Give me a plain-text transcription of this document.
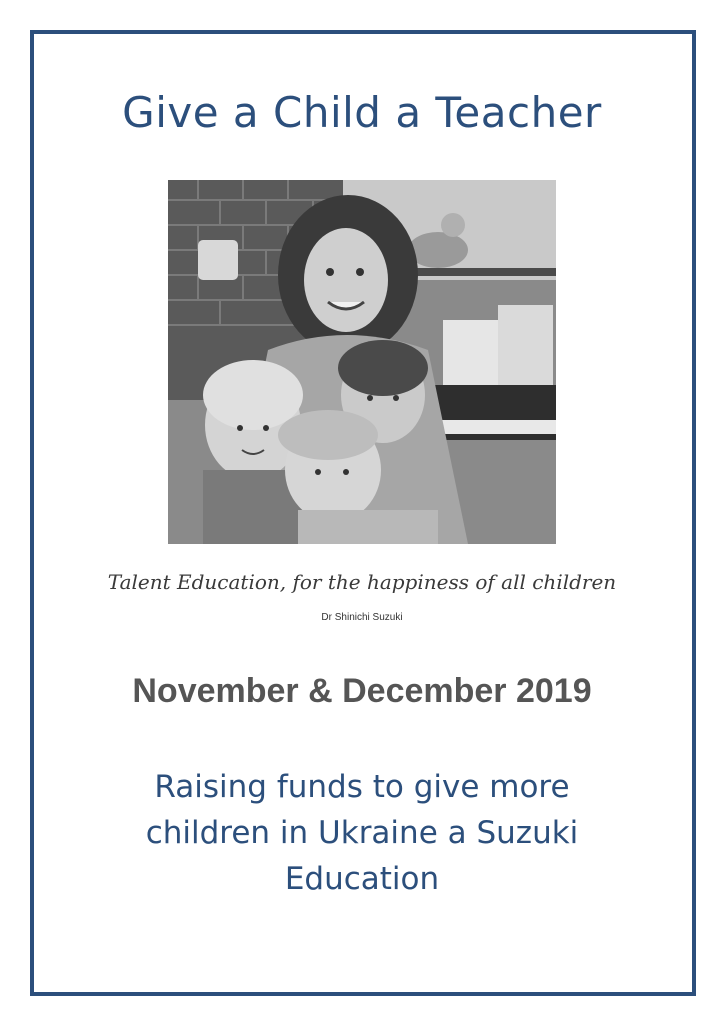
Give a Child a Teacher
Talent Education, for the happiness of all children
Dr Shinichi Suzuki
November & December 2019
Raising funds to give more children in Ukraine a Suzuki Education
